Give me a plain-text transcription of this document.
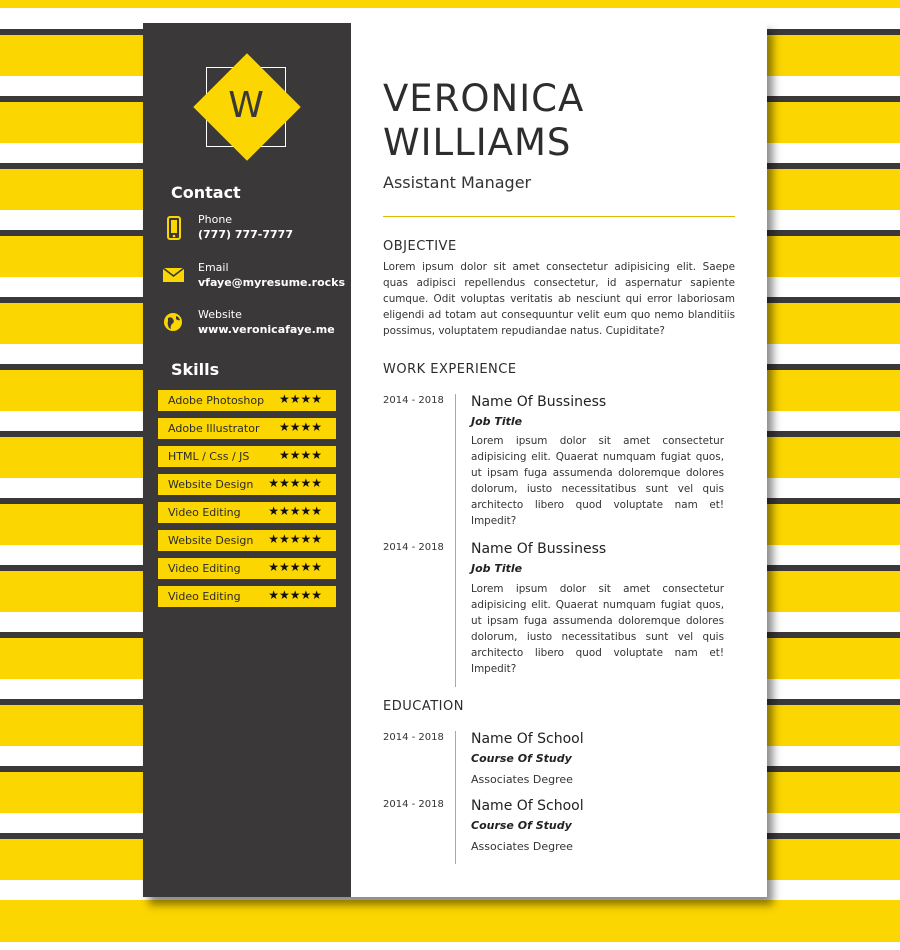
W
Contact
Phone
(777) 777-7777
Email
vfaye@myresume.rocks
Website
www.veronicafaye.me
Skills
Adobe Photoshop ★★★★
Adobe Illustrator ★★★★
HTML / Css / JS ★★★★
Website Design ★★★★★
Video Editing ★★★★★
Website Design ★★★★★
Video Editing ★★★★★
Video Editing ★★★★★
VERONICA
WILLIAMS
Assistant Manager
OBJECTIVE
Lorem ipsum dolor sit amet consectetur adipisicing elit. Saepe quas adipisci repellendus consectetur, id aspernatur sapiente cumque. Odit voluptas veritatis ab nesciunt qui error laboriosam eligendi ad totam aut consequuntur velit eum quo nemo blanditiis possimus, voluptatem repudiandae natus. Cupiditate?
WORK EXPERIENCE
2014 - 2018 Name Of Bussiness
Job Title
Lorem ipsum dolor sit amet consectetur adipisicing elit. Quaerat numquam fugiat quos, ut ipsam fuga assumenda doloremque dolores dolorum, iusto necessitatibus sunt vel quis architecto libero quod voluptate nam et! Impedit?
2014 - 2018 Name Of Bussiness
Job Title
Lorem ipsum dolor sit amet consectetur adipisicing elit. Quaerat numquam fugiat quos, ut ipsam fuga assumenda doloremque dolores dolorum, iusto necessitatibus sunt vel quis architecto libero quod voluptate nam et! Impedit?
EDUCATION
2014 - 2018 Name Of School
Course Of Study
Associates Degree
2014 - 2018 Name Of School
Course Of Study
Associates Degree
